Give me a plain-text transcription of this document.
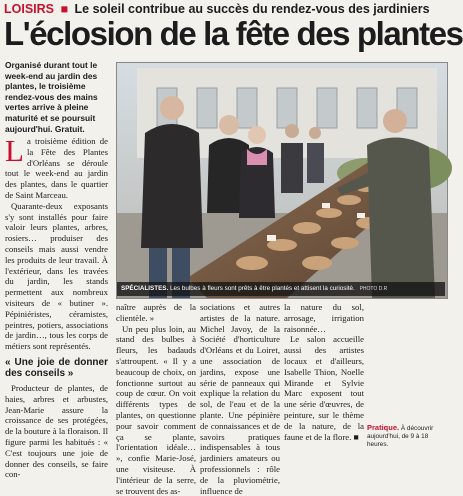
LOISIRS ■ Le soleil contribue au succès du rendez-vous des jardiniers
L'éclosion de la fête des plantes
Organisé durant tout le week-end au jardin des plantes, le troisième rendez-vous des mains vertes arrive à pleine maturité et se poursuit aujourd'hui. Gratuit.
SPÉCIALISTES. Les bulbes à fleurs sont prêts à être plantés et attisent la curiosité. PHOTO D.R

L a troisième édition de la Fête des Plantes d'Orléans se déroule tout le week-end au jardin des plantes, dans le quartier de Saint Marceau.

Quarante-deux exposants s'y sont installés pour faire valoir leurs plantes, arbres, rosiers… produiser des conseils mais aussi vendre les produits de leur travail. À l'extérieur, dans les travées du jardin, les stands permettent aux nombreux visiteurs de « butiner ». Pépiniéristes, céramistes, peintres, potiers, associations de jardin…, tous les corps de métiers sont représentés.

« Une joie de donner des conseils »

Producteur de plantes, de haies, arbres et arbustes, Jean-Marie assure la croissance de ses protégées, de la bouture à la floraison. Il figure parmi les habitués : « C'est toujours une joie de donner des conseils, se faire con-

naître auprès de la clientèle. »

Un peu plus loin, au stand des bulbes à fleurs, les badauds s'attroupent. « Il y a beaucoup de choix, on fonctionne surtout au coup de cœur. On voit différents types de plantes, on questionne pour savoir comment ça se plante, l'orientation idéale… », confie Marie-José, une visiteuse. À l'intérieur de la serre, se trouvent des as-

sociations et autres artistes de la nature. Michel Javoy, de la Société d'horticulture d'Orléans et du Loiret, une association de jardins, expose une série de panneaux qui explique la relation du sol, de l'eau et de la plante. Une pépinière de connaissances et de savoirs pratiques indispensables à tous jardiniers amateurs ou professionnels : rôle de la pluviométrie, influence de

la nature du sol, arrosage, irrigation raisonnée…

Le salon accueille aussi des artistes locaux et d'ailleurs, Isabelle Thion, Noelle Mirande et Sylvie Marc exposent tout une série d'œuvres, de peinture, sur le thème de la nature, de la faune et de la flore. ■

Pratique. À découvrir aujourd'hui, de 9 à 18 heures.
